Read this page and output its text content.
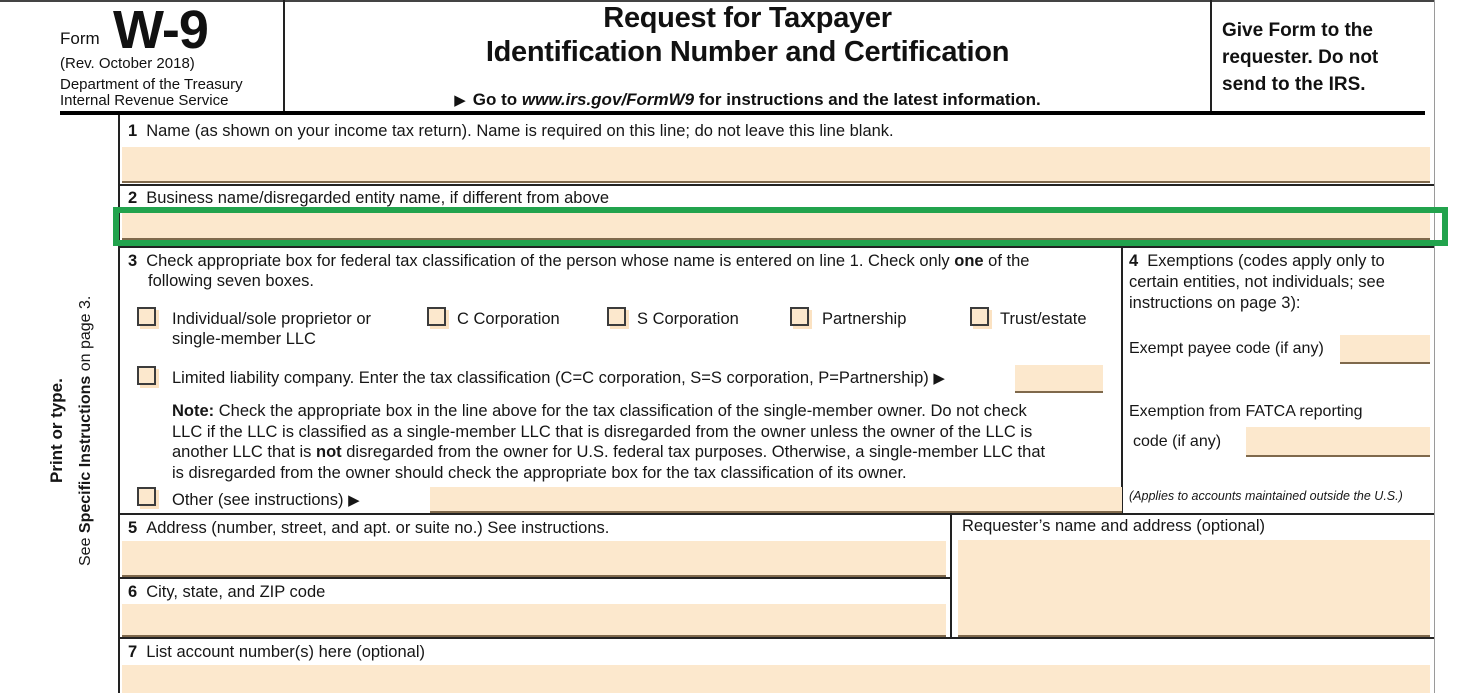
Form W-9
(Rev. October 2018)
Department of the Treasury
Internal Revenue Service
Request for Taxpayer
Identification Number and Certification
▶ Go to www.irs.gov/FormW9 for instructions and the latest information.
Give Form to the requester. Do not send to the IRS.
Print or type.
See Specific Instructions on page 3.
1 Name (as shown on your income tax return). Name is required on this line; do not leave this line blank.
2 Business name/disregarded entity name, if different from above
3 Check appropriate box for federal tax classification of the person whose name is entered on line 1. Check only one of the
following seven boxes.
Individual/sole proprietor or
single-member LLC
C Corporation	S Corporation	Partnership	Trust/estate
Limited liability company. Enter the tax classification (C=C corporation, S=S corporation, P=Partnership) ▶
Note: Check the appropriate box in the line above for the tax classification of the single-member owner. Do not check
LLC if the LLC is classified as a single-member LLC that is disregarded from the owner unless the owner of the LLC is
another LLC that is not disregarded from the owner for U.S. federal tax purposes. Otherwise, a single-member LLC that
is disregarded from the owner should check the appropriate box for the tax classification of its owner.
Other (see instructions) ▶
4 Exemptions (codes apply only to certain entities, not individuals; see instructions on page 3):
Exempt payee code (if any)
Exemption from FATCA reporting
code (if any)
(Applies to accounts maintained outside the U.S.)
5 Address (number, street, and apt. or suite no.) See instructions.	Requester’s name and address (optional)
6 City, state, and ZIP code
7 List account number(s) here (optional)
